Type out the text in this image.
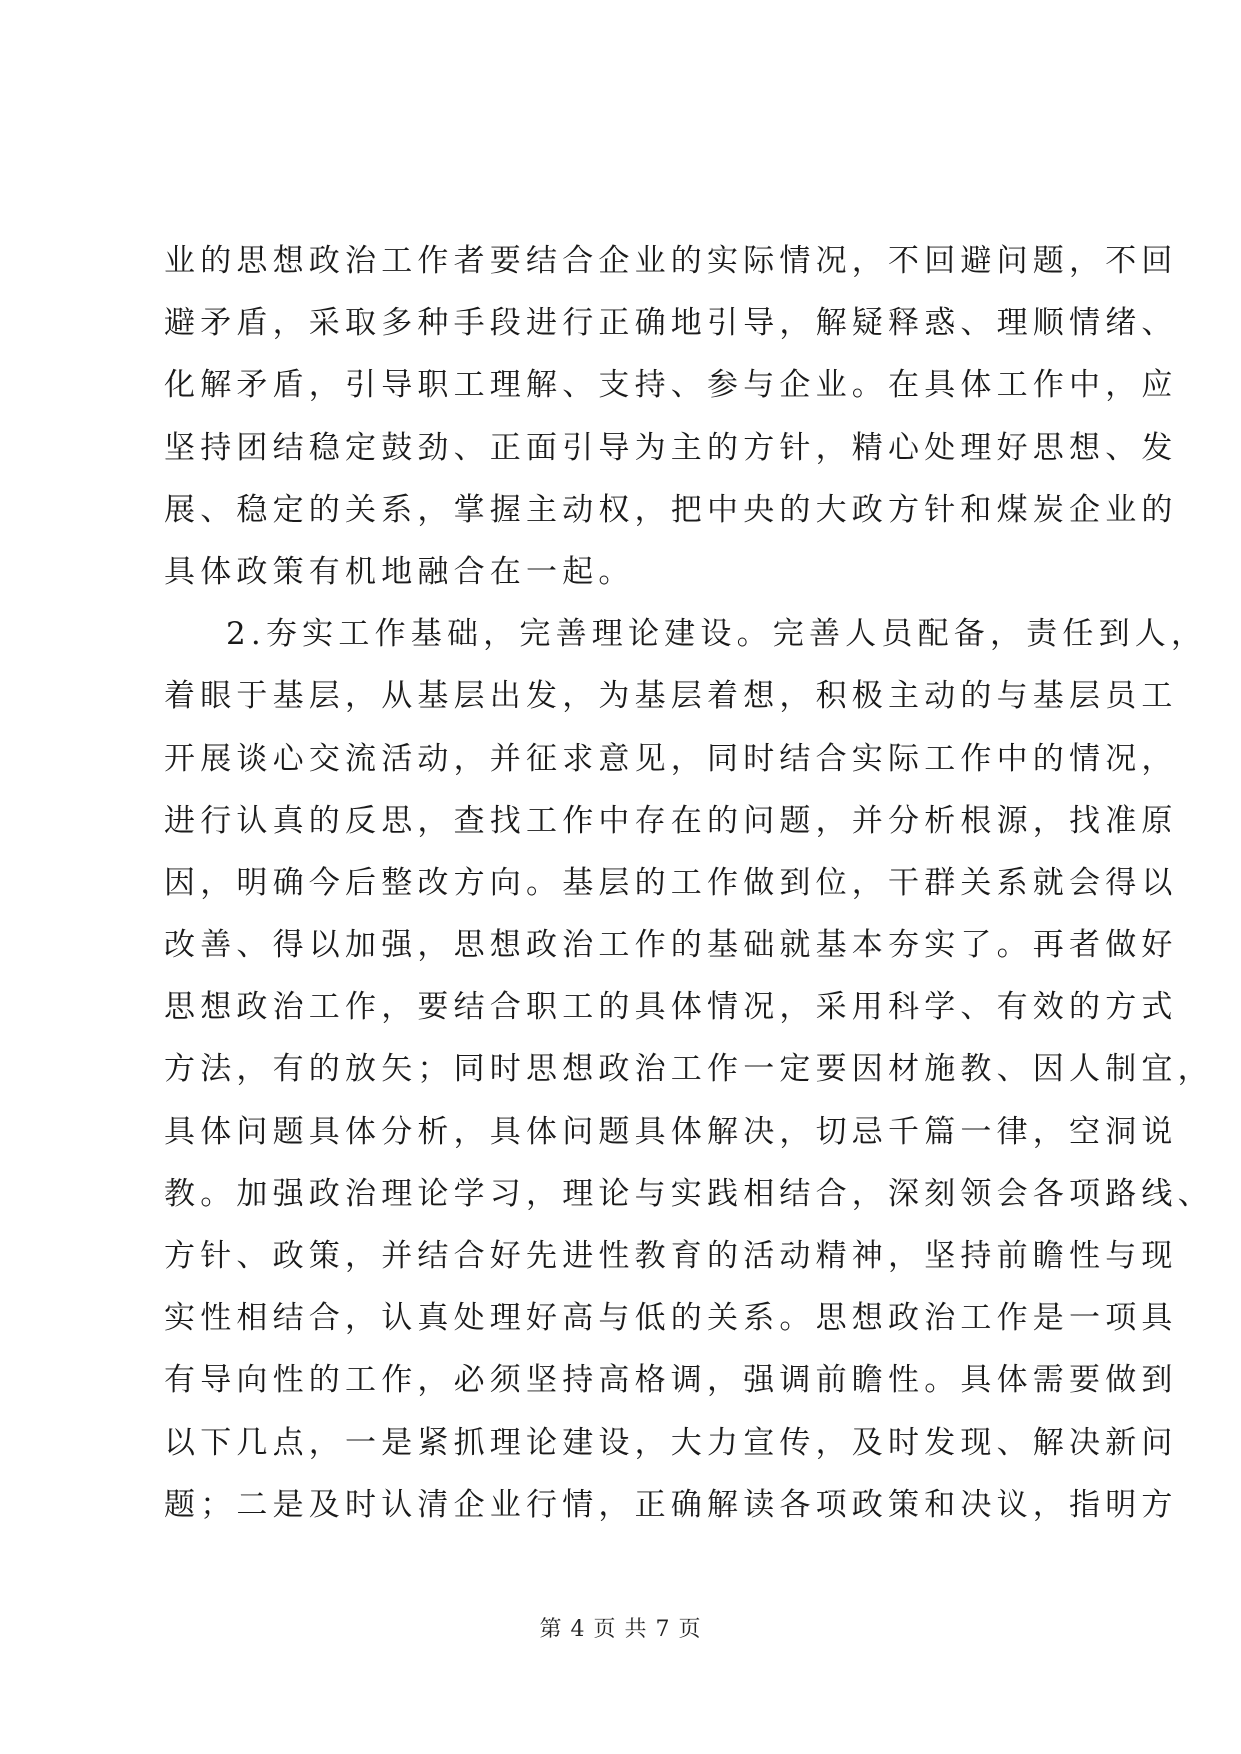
业的思想政治工作者要结合企业的实际情况，不回避问题，不回
避矛盾，采取多种手段进行正确地引导，解疑释惑、理顺情绪、
化解矛盾，引导职工理解、支持、参与企业。在具体工作中，应
坚持团结稳定鼓劲、正面引导为主的方针，精心处理好思想、发
展、稳定的关系，掌握主动权，把中央的大政方针和煤炭企业的
具体政策有机地融合在一起。
2.夯实工作基础，完善理论建设。完善人员配备，责任到人，
着眼于基层，从基层出发，为基层着想，积极主动的与基层员工
开展谈心交流活动，并征求意见，同时结合实际工作中的情况，
进行认真的反思，查找工作中存在的问题，并分析根源，找准原
因，明确今后整改方向。基层的工作做到位，干群关系就会得以
改善、得以加强，思想政治工作的基础就基本夯实了。再者做好
思想政治工作，要结合职工的具体情况，采用科学、有效的方式
方法，有的放矢；同时思想政治工作一定要因材施教、因人制宜，
具体问题具体分析，具体问题具体解决，切忌千篇一律，空洞说
教。加强政治理论学习，理论与实践相结合，深刻领会各项路线、
方针、政策，并结合好先进性教育的活动精神，坚持前瞻性与现
实性相结合，认真处理好高与低的关系。思想政治工作是一项具
有导向性的工作，必须坚持高格调，强调前瞻性。具体需要做到
以下几点，一是紧抓理论建设，大力宣传，及时发现、解决新问
题；二是及时认清企业行情，正确解读各项政策和决议，指明方
第 4 页 共 7 页
